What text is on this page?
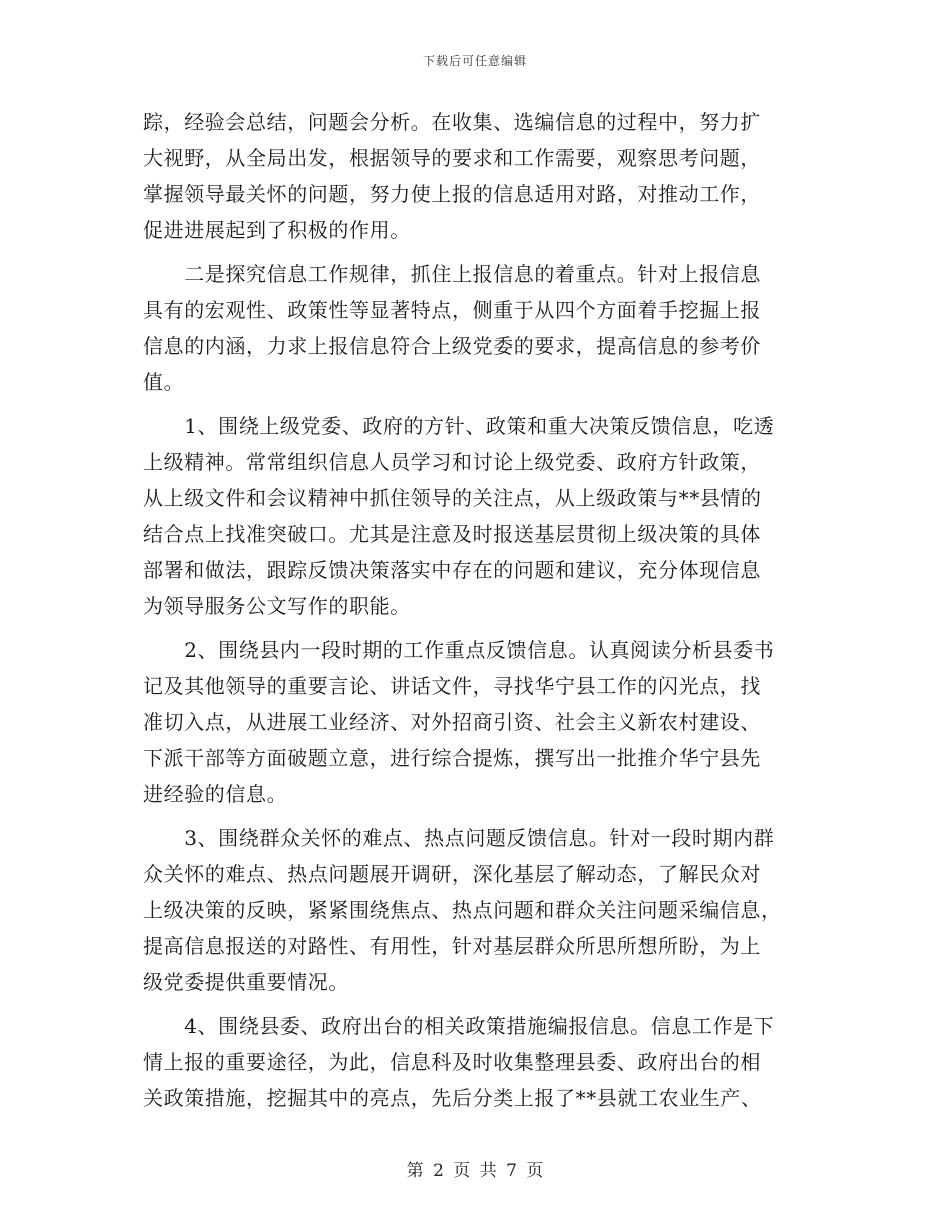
下载后可任意编辑
踪，经验会总结，问题会分析。在收集、选编信息的过程中，努力扩
大视野，从全局出发，根据领导的要求和工作需要，观察思考问题，
掌握领导最关怀的问题，努力使上报的信息适用对路，对推动工作，
促进进展起到了积极的作用。
　　二是探究信息工作规律，抓住上报信息的着重点。针对上报信息
具有的宏观性、政策性等显著特点，侧重于从四个方面着手挖掘上报
信息的内涵，力求上报信息符合上级党委的要求，提高信息的参考价
值。
　　1、围绕上级党委、政府的方针、政策和重大决策反馈信息，吃透
上级精神。常常组织信息人员学习和讨论上级党委、政府方针政策，
从上级文件和会议精神中抓住领导的关注点，从上级政策与**县情的
结合点上找准突破口。尤其是注意及时报送基层贯彻上级决策的具体
部署和做法，跟踪反馈决策落实中存在的问题和建议，充分体现信息
为领导服务公文写作的职能。
　　2、围绕县内一段时期的工作重点反馈信息。认真阅读分析县委书
记及其他领导的重要言论、讲话文件，寻找华宁县工作的闪光点，找
准切入点，从进展工业经济、对外招商引资、社会主义新农村建设、
下派干部等方面破题立意，进行综合提炼，撰写出一批推介华宁县先
进经验的信息。
　　3、围绕群众关怀的难点、热点问题反馈信息。针对一段时期内群
众关怀的难点、热点问题展开调研，深化基层了解动态，了解民众对
上级决策的反映，紧紧围绕焦点、热点问题和群众关注问题采编信息，
提高信息报送的对路性、有用性，针对基层群众所思所想所盼，为上
级党委提供重要情况。
　　4、围绕县委、政府出台的相关政策措施编报信息。信息工作是下
情上报的重要途径，为此，信息科及时收集整理县委、政府出台的相
关政策措施，挖掘其中的亮点，先后分类上报了**县就工农业生产、
第 2 页 共 7 页
